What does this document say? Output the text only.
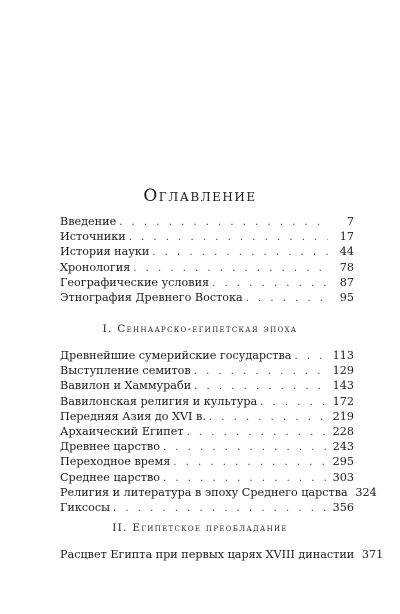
Оглавление
Введение . . .	7
Источники . . .	17
История науки . . .	44
Хронология . . .	78
Географические условия . . .	87
Этнография Древнего Востока . . .	95
I. Сеннаарско-египетская эпоха
Древнейшие сумерийские государства . . .	113
Выступление семитов . . .	129
Вавилон и Хаммураби . . .	143
Вавилонская религия и культура . . .	172
Передняя Азия до XVI в. . . .	219
Архаический Египет . . .	228
Древнее царство . . .	243
Переходное время . . .	295
Среднее царство . . .	303
Религия и литература в эпоху Среднего царства 324
Гиксосы . . .	356
II. Египетское преобладание
Расцвет Египта при первых царях XVIII династии 371
